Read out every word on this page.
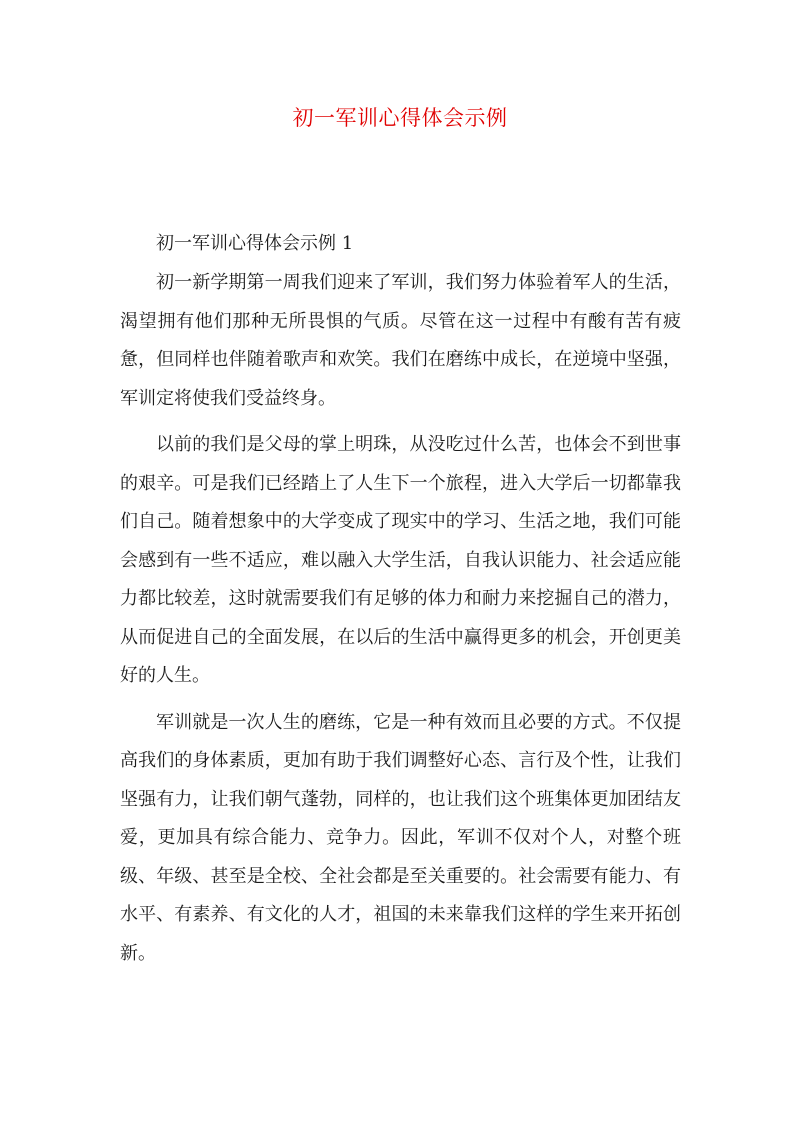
初一军训心得体会示例
初一军训心得体会示例 1

初一新学期第一周我们迎来了军训，我们努力体验着军人的生活，渴望拥有他们那种无所畏惧的气质。尽管在这一过程中有酸有苦有疲惫，但同样也伴随着歌声和欢笑。我们在磨练中成长，在逆境中坚强，军训定将使我们受益终身。

以前的我们是父母的掌上明珠，从没吃过什么苦，也体会不到世事的艰辛。可是我们已经踏上了人生下一个旅程，进入大学后一切都靠我们自己。随着想象中的大学变成了现实中的学习、生活之地，我们可能会感到有一些不适应，难以融入大学生活，自我认识能力、社会适应能力都比较差，这时就需要我们有足够的体力和耐力来挖掘自己的潜力，从而促进自己的全面发展，在以后的生活中赢得更多的机会，开创更美好的人生。

军训就是一次人生的磨练，它是一种有效而且必要的方式。不仅提高我们的身体素质，更加有助于我们调整好心态、言行及个性，让我们坚强有力，让我们朝气蓬勃，同样的，也让我们这个班集体更加团结友爱，更加具有综合能力、竞争力。因此，军训不仅对个人，对整个班级、年级、甚至是全校、全社会都是至关重要的。社会需要有能力、有水平、有素养、有文化的人才，祖国的未来靠我们这样的学生来开拓创新。
